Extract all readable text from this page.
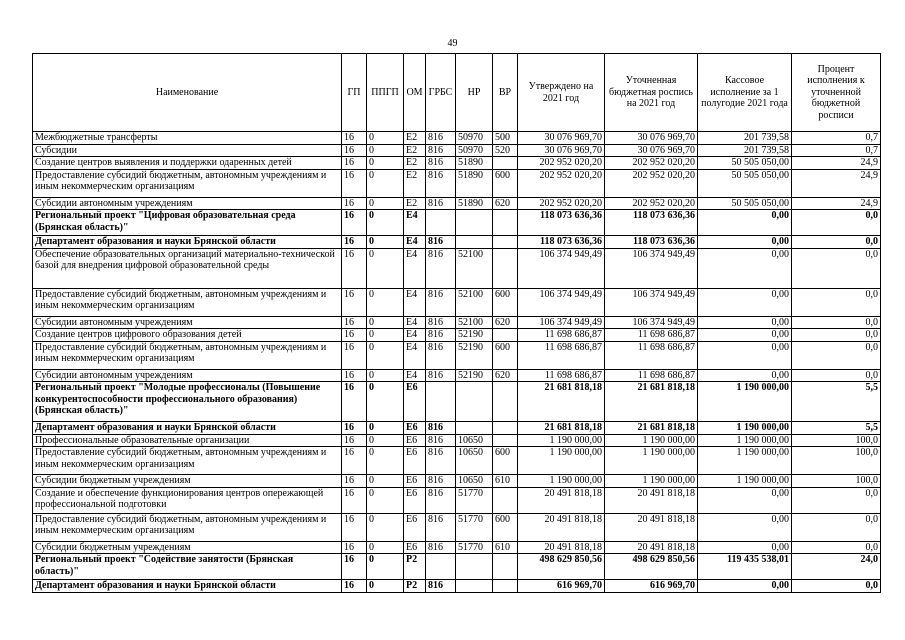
49
Наименование	ГП	ППГП	ОМ	ГРБС	НР	ВР	Утверждено на 2021 год	Уточненная бюджетная роспись на 2021 год	Кассовое исполнение за 1 полугодие 2021 года	Процент исполнения к уточненной бюджетной росписи
Межбюджетные трансферты	16	0	E2	816	50970	500	30 076 969,70	30 076 969,70	201 739,58	0,7
Субсидии	16	0	E2	816	50970	520	30 076 969,70	30 076 969,70	201 739,58	0,7
Создание центров выявления и поддержки одаренных детей	16	0	E2	816	51890		202 952 020,20	202 952 020,20	50 505 050,00	24,9
Предоставление субсидий бюджетным, автономным учреждениям и иным некоммерческим организациям	16	0	E2	816	51890	600	202 952 020,20	202 952 020,20	50 505 050,00	24,9
Субсидии автономным учреждениям	16	0	E2	816	51890	620	202 952 020,20	202 952 020,20	50 505 050,00	24,9
Региональный проект "Цифровая образовательная среда (Брянская область)"	16	0	E4				118 073 636,36	118 073 636,36	0,00	0,0
Департамент образования и науки Брянской области	16	0	E4	816			118 073 636,36	118 073 636,36	0,00	0,0
Обеспечение образовательных организаций материально-технической базой для внедрения цифровой образовательной среды	16	0	E4	816	52100		106 374 949,49	106 374 949,49	0,00	0,0
Предоставление субсидий бюджетным, автономным учреждениям и иным некоммерческим организациям	16	0	E4	816	52100	600	106 374 949,49	106 374 949,49	0,00	0,0
Субсидии автономным учреждениям	16	0	E4	816	52100	620	106 374 949,49	106 374 949,49	0,00	0,0
Создание центров цифрового образования детей	16	0	E4	816	52190		11 698 686,87	11 698 686,87	0,00	0,0
Предоставление субсидий бюджетным, автономным учреждениям и иным некоммерческим организациям	16	0	E4	816	52190	600	11 698 686,87	11 698 686,87	0,00	0,0
Субсидии автономным учреждениям	16	0	E4	816	52190	620	11 698 686,87	11 698 686,87	0,00	0,0
Региональный проект "Молодые профессионалы (Повышение конкурентоспособности профессионального образования) (Брянская область)"	16	0	E6				21 681 818,18	21 681 818,18	1 190 000,00	5,5
Департамент образования и науки Брянской области	16	0	E6	816			21 681 818,18	21 681 818,18	1 190 000,00	5,5
Профессиональные образовательные организации	16	0	E6	816	10650		1 190 000,00	1 190 000,00	1 190 000,00	100,0
Предоставление субсидий бюджетным, автономным учреждениям и иным некоммерческим организациям	16	0	E6	816	10650	600	1 190 000,00	1 190 000,00	1 190 000,00	100,0
Субсидии бюджетным учреждениям	16	0	E6	816	10650	610	1 190 000,00	1 190 000,00	1 190 000,00	100,0
Создание и обеспечение функционирования центров опережающей профессиональной подготовки	16	0	E6	816	51770		20 491 818,18	20 491 818,18	0,00	0,0
Предоставление субсидий бюджетным, автономным учреждениям и иным некоммерческим организациям	16	0	E6	816	51770	600	20 491 818,18	20 491 818,18	0,00	0,0
Субсидии бюджетным учреждениям	16	0	E6	816	51770	610	20 491 818,18	20 491 818,18	0,00	0,0
Региональный проект "Содействие занятости (Брянская область)"	16	0	P2				498 629 850,56	498 629 850,56	119 435 538,01	24,0
Департамент образования и науки Брянской области	16	0	P2	816			616 969,70	616 969,70	0,00	0,0
